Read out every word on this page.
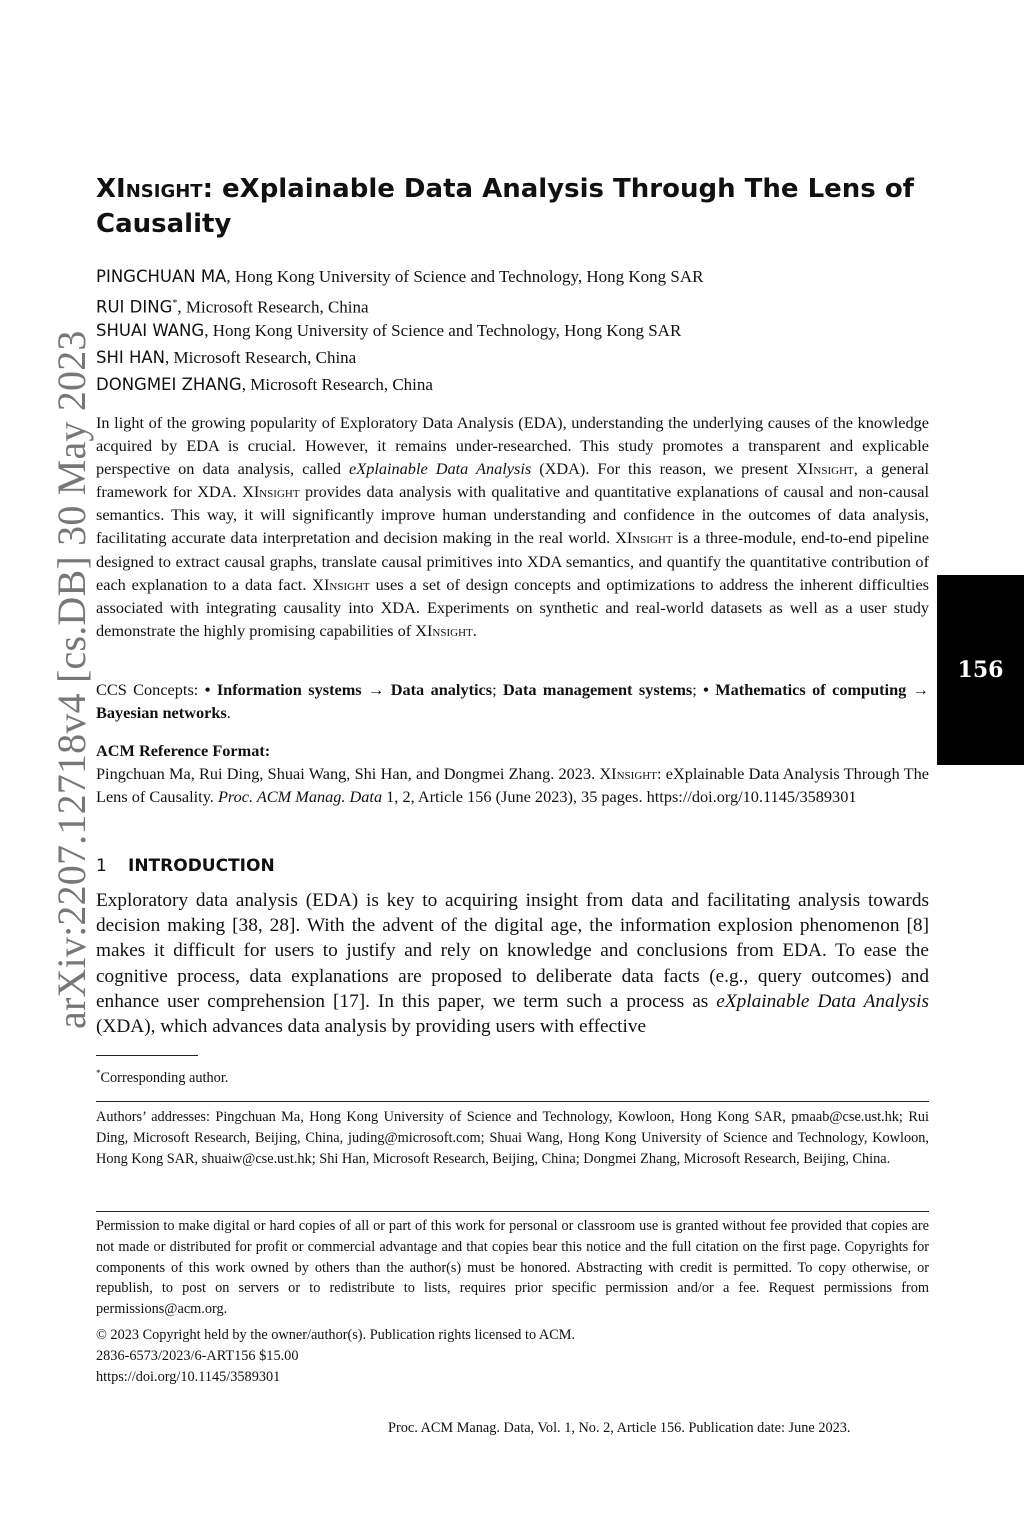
arXiv:2207.12718v4 [cs.DB] 30 May 2023	156
XInsight: eXplainable Data Analysis Through The Lens of Causality
PINGCHUAN MA, Hong Kong University of Science and Technology, Hong Kong SAR
RUI DING*, Microsoft Research, China
SHUAI WANG, Hong Kong University of Science and Technology, Hong Kong SAR
SHI HAN, Microsoft Research, China
DONGMEI ZHANG, Microsoft Research, China
In light of the growing popularity of Exploratory Data Analysis (EDA), understanding the underlying causes of the knowledge acquired by EDA is crucial. However, it remains under-researched. This study promotes a transparent and explicable perspective on data analysis, called eXplainable Data Analysis (XDA). For this reason, we present XInsight, a general framework for XDA. XInsight provides data analysis with qualitative and quantitative explanations of causal and non-causal semantics. This way, it will significantly improve human understanding and confidence in the outcomes of data analysis, facilitating accurate data interpretation and decision making in the real world. XInsight is a three-module, end-to-end pipeline designed to extract causal graphs, translate causal primitives into XDA semantics, and quantify the quantitative contribution of each explanation to a data fact. XInsight uses a set of design concepts and optimizations to address the inherent difficulties associated with integrating causality into XDA. Experiments on synthetic and real-world datasets as well as a user study demonstrate the highly promising capabilities of XInsight.
CCS Concepts: • Information systems → Data analytics; Data management systems; • Mathematics of computing → Bayesian networks.
ACM Reference Format:
Pingchuan Ma, Rui Ding, Shuai Wang, Shi Han, and Dongmei Zhang. 2023. XInsight: eXplainable Data Analysis Through The Lens of Causality. Proc. ACM Manag. Data 1, 2, Article 156 (June 2023), 35 pages. https://doi.org/10.1145/3589301
1 INTRODUCTION
Exploratory data analysis (EDA) is key to acquiring insight from data and facilitating analysis towards decision making [38, 28]. With the advent of the digital age, the information explosion phenomenon [8] makes it difficult for users to justify and rely on knowledge and conclusions from EDA. To ease the cognitive process, data explanations are proposed to deliberate data facts (e.g., query outcomes) and enhance user comprehension [17]. In this paper, we term such a process as eXplainable Data Analysis (XDA), which advances data analysis by providing users with effective
*Corresponding author.
Authors’ addresses: Pingchuan Ma, Hong Kong University of Science and Technology, Kowloon, Hong Kong SAR, pmaab@cse.ust.hk; Rui Ding, Microsoft Research, Beijing, China, juding@microsoft.com; Shuai Wang, Hong Kong University of Science and Technology, Kowloon, Hong Kong SAR, shuaiw@cse.ust.hk; Shi Han, Microsoft Research, Beijing, China; Dongmei Zhang, Microsoft Research, Beijing, China.
Permission to make digital or hard copies of all or part of this work for personal or classroom use is granted without fee provided that copies are not made or distributed for profit or commercial advantage and that copies bear this notice and the full citation on the first page. Copyrights for components of this work owned by others than the author(s) must be honored. Abstracting with credit is permitted. To copy otherwise, or republish, to post on servers or to redistribute to lists, requires prior specific permission and/or a fee. Request permissions from permissions@acm.org.
© 2023 Copyright held by the owner/author(s). Publication rights licensed to ACM.
2836-6573/2023/6-ART156 $15.00
https://doi.org/10.1145/3589301
Proc. ACM Manag. Data, Vol. 1, No. 2, Article 156. Publication date: June 2023.
